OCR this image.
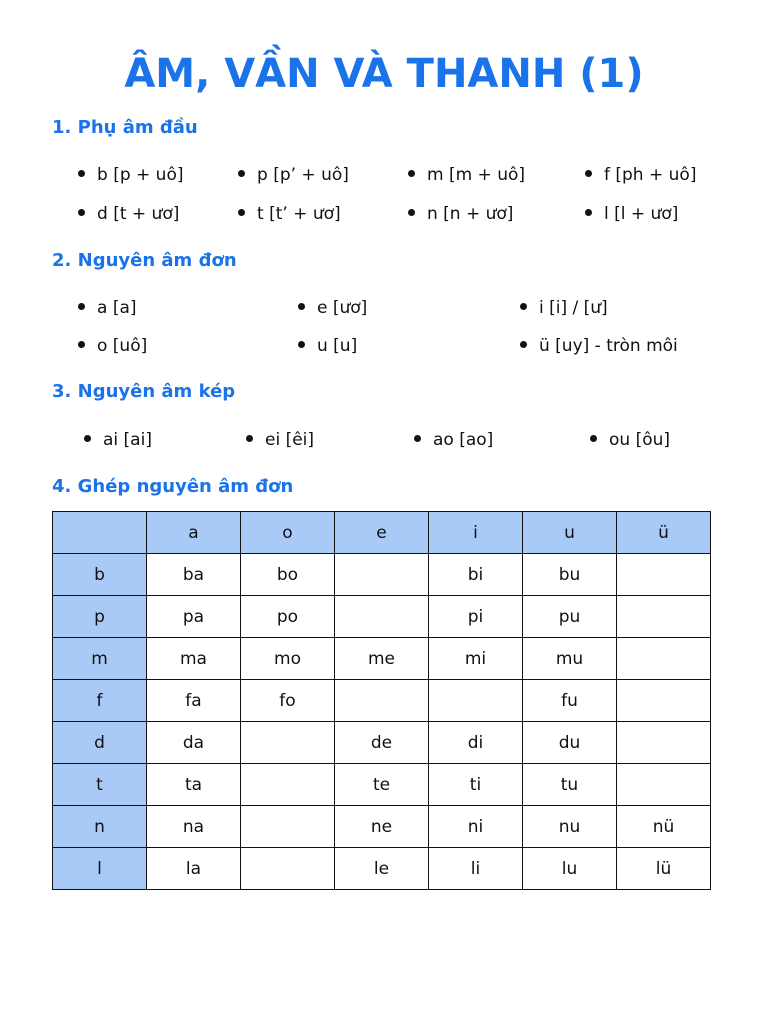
ÂM, VẦN VÀ THANH (1)
1. Phụ âm đầu
b [p + uô]	p [p’ + uô]	m [m + uô]	f [ph + uô]
d [t + ươ]	t [t’ + ươ]	n [n + ươ]	l [l + ươ]
2. Nguyên âm đơn
a [a]	e [ươ]	i [i] / [ư]
o [uô]	u [u]	ü [uy] - tròn môi
3. Nguyên âm kép
ai [ai]	ei [êi]	ao [ao]	ou [ôu]
4. Ghép nguyên âm đơn
	a	o	e	i	u	ü
b	ba	bo		bi	bu	
p	pa	po		pi	pu	
m	ma	mo	me	mi	mu	
f	fa	fo			fu	
d	da		de	di	du	
t	ta		te	ti	tu	
n	na		ne	ni	nu	nü
l	la		le	li	lu	lü
